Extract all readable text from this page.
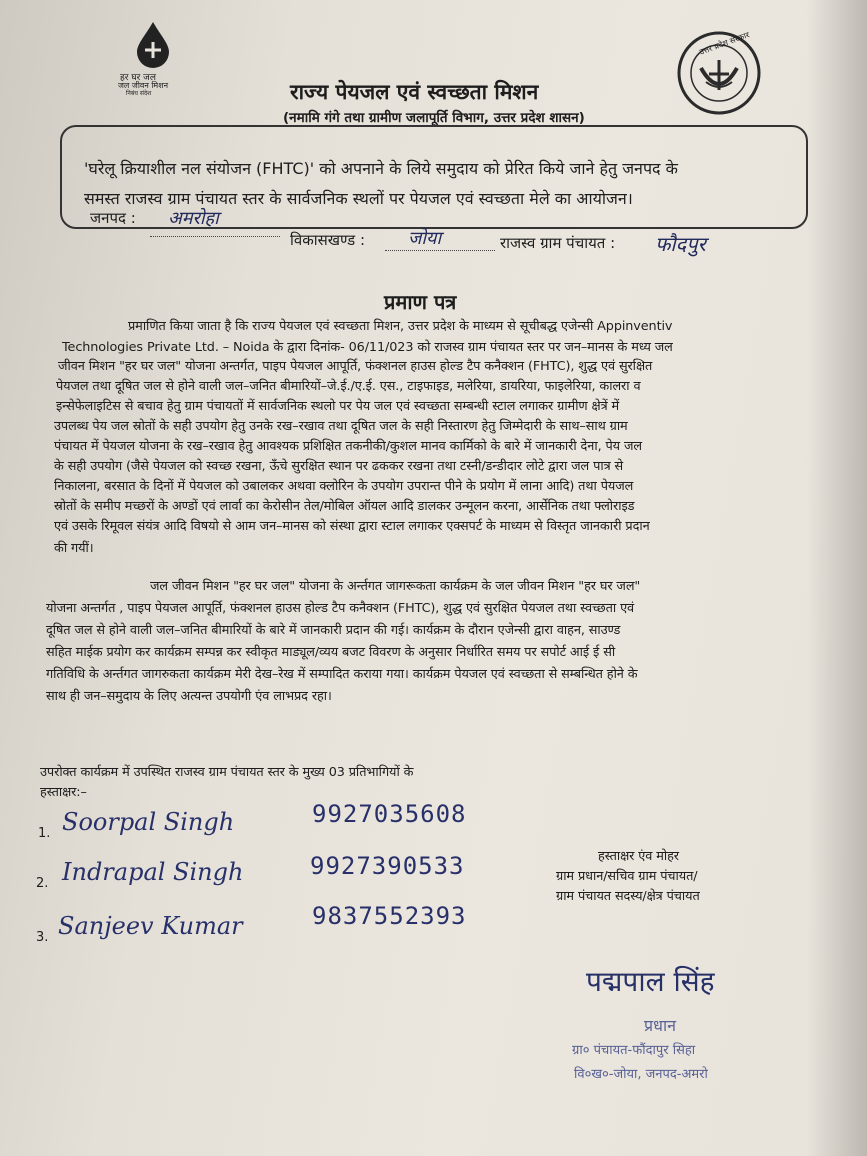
हर घर जल
जल जीवन मिशन
निबंध संदेश
उत्तर प्रदेश सरकार
राज्य पेयजल एवं स्वच्छता मिशन
(नमामि गंगे तथा ग्रामीण जलापूर्ति विभाग, उत्तर प्रदेश शासन)

'घरेलू क्रियाशील नल संयोजन (FHTC)' को अपनाने के लिये समुदाय को प्रेरित किये जाने हेतु जनपद के

समस्त राजस्व ग्राम पंचायत स्तर के सार्वजनिक स्थलों पर पेयजल एवं स्वच्छता मेले का आयोजन।

जनपद : अमरोहा
विकासखण्ड : जोया	राजस्व ग्राम पंचायत : फौदपुर
प्रमाण पत्र
प्रमाणित किया जाता है कि राज्य पेयजल एवं स्वच्छता मिशन, उत्तर प्रदेश के माध्यम से सूचीबद्ध एजेन्सी Appinventiv
Technologies Private Ltd. – Noida के द्वारा दिनांक- 06/11/023 को राजस्व ग्राम पंचायत स्तर पर जन–मानस के मध्य जल
जीवन मिशन "हर घर जल" योजना अन्तर्गत, पाइप पेयजल आपूर्ति, फंक्शनल हाउस होल्ड टैप कनैक्शन (FHTC), शुद्ध एवं सुरक्षित
पेयजल तथा दूषित जल से होने वाली जल–जनित बीमारियों–जे.ई./ए.ई. एस., टाइफाइड, मलेरिया, डायरिया, फाइलेरिया, कालरा व
इन्सेफेलाइटिस से बचाव हेतु ग्राम पंचायतों में सार्वजनिक स्थलो पर पेय जल एवं स्वच्छता सम्बन्धी स्टाल लगाकर ग्रामीण क्षेत्रें में
उपलब्ध पेय जल स्रोतों के सही उपयोग हेतु उनके रख–रखाव तथा दूषित जल के सही निस्तारण हेतु जिम्मेदारी के साथ–साथ ग्राम
पंचायत में पेयजल योजना के रख–रखाव हेतु आवश्यक प्रशिक्षित तकनीकी/कुशल मानव कार्मिको के बारे में जानकारी देना, पेय जल
के सही उपयोग (जैसे पेयजल को स्वच्छ रखना, ऊँचे सुरक्षित स्थान पर ढककर रखना तथा टस्नी/डन्डीदार लोटे द्वारा जल पात्र से
निकालना, बरसात के दिनों में पेयजल को उबालकर अथवा क्लोरिन के उपयोग उपरान्त पीने के प्रयोग में लाना आदि) तथा पेयजल
स्रोतों के समीप मच्छरों के अण्डों एवं लार्वा का केरोसीन तेल/मोबिल ऑयल आदि डालकर उन्मूलन करना, आर्सेनिक तथा फ्लोराइड
एवं उसके रिमूवल संयंत्र आदि विषयो से आम जन–मानस को संस्था द्वारा स्टाल लगाकर एक्सपर्ट के माध्यम से विस्तृत जानकारी प्रदान
की गयीं।
जल जीवन मिशन "हर घर जल" योजना के अर्न्तगत जागरूकता कार्यक्रम के जल जीवन मिशन "हर घर जल"
योजना अन्तर्गत , पाइप पेयजल आपूर्ति, फंक्शनल हाउस होल्ड टैप कनैक्शन (FHTC), शुद्ध एवं सुरक्षित पेयजल तथा स्वच्छता एवं
दूषित जल से होने वाली जल–जनित बीमारियों के बारे में जानकारी प्रदान की गई। कार्यक्रम के दौरान एजेन्सी द्वारा वाहन, साउण्ड
सहित माईक प्रयोग कर कार्यक्रम सम्पन्न कर स्वीकृत माड्यूल/व्यय बजट विवरण के अनुसार निर्धारित समय पर सपोर्ट आई ई सी
गतिविधि के अर्न्तगत जागरुकता कार्यक्रम मेरी देख–रेख में सम्पादित कराया गया। कार्यक्रम पेयजल एवं स्वच्छता से सम्बन्धित होने के
साथ ही जन–समुदाय के लिए अत्यन्त उपयोगी एंव लाभप्रद रहा।
उपरोक्त कार्यक्रम में उपस्थित राजस्व ग्राम पंचायत स्तर के मुख्य 03 प्रतिभागियों के
हस्ताक्षर:–
1. Soorpal Singh	9927035608
2. Indrapal Singh	9927390533
3. Sanjeev Kumar	9837552393
हस्ताक्षर एंव मोहर
ग्राम प्रधान/सचिव ग्राम पंचायत/
ग्राम पंचायत सदस्य/क्षेत्र पंचायत
पद्मपाल सिंह
प्रधान
ग्रा० पंचायत-फौंदापुर सिहा
वि०ख०-जोया, जनपद-अमरो
